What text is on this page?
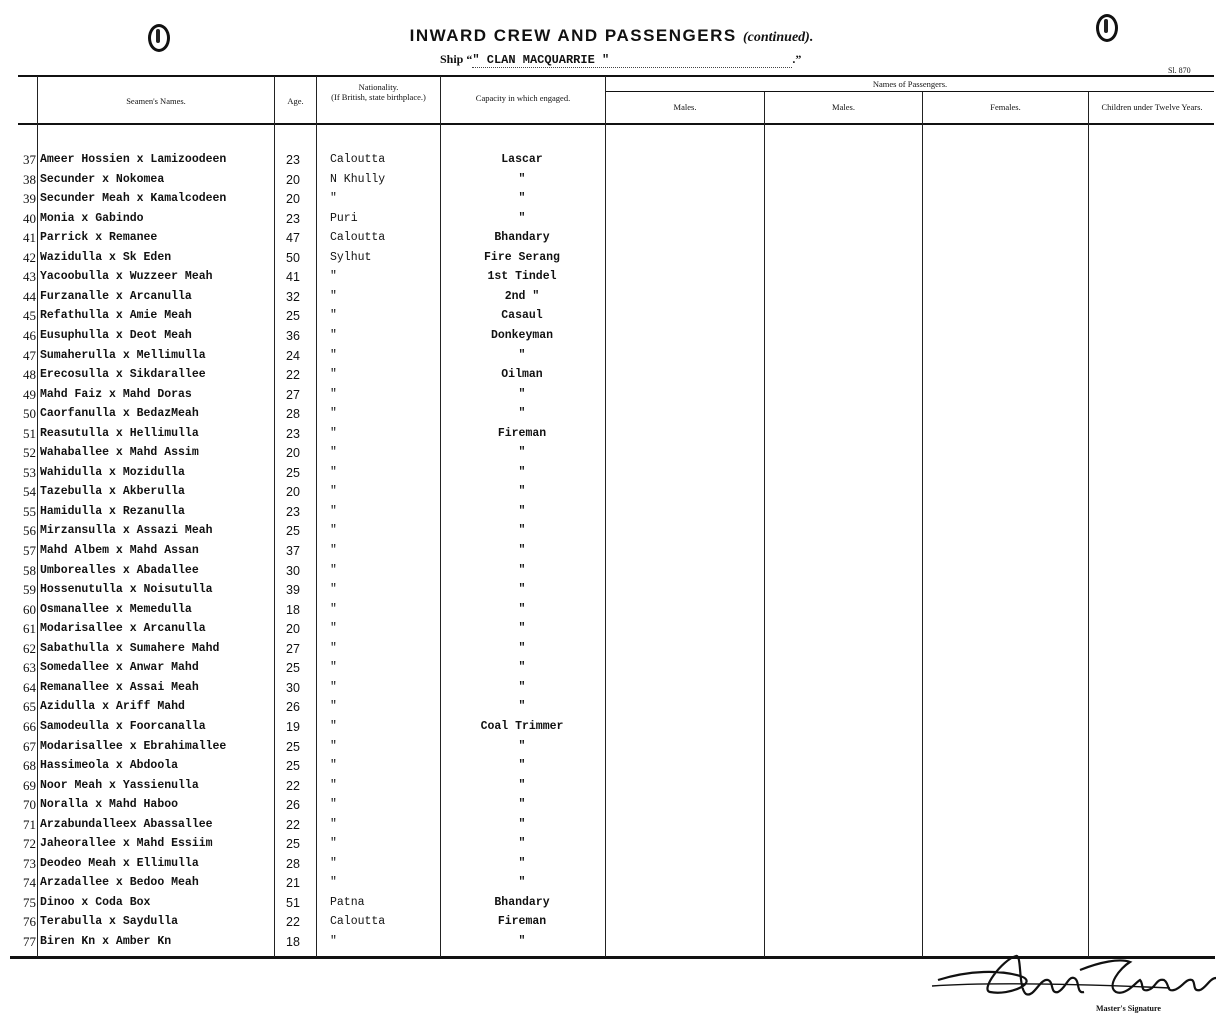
INWARD CREW AND PASSENGERS (continued).
Ship “" CLAN MACQUARRIE "	.”
Sl. 870
Seamen's Names.	Age.
Nationality.
(If British, state birthplace.)	Capacity in which engaged.
Names of Passengers.
Males.	Males.	Females.	Children under Twelve Years.
37 Ameer Hossien x Lamizoodeen	23	Caloutta	Lascar
38 Secunder x Nokomea	20	N Khully	"
39 Secunder Meah x Kamalcodeen	20	"	"
40 Monia x Gabindo	23	Puri	"
41 Parrick x Remanee	47	Caloutta	Bhandary
42 Wazidulla x Sk Eden	50	Sylhut	Fire Serang
43 Yacoobulla x Wuzzeer Meah	41	"	1st Tindel
44 Furzanalle x Arcanulla	32	"	2nd "
45 Refathulla x Amie Meah	25	"	Casaul
46 Eusuphulla x Deot Meah	36	"	Donkeyman
47 Sumaherulla x Mellimulla	24	"	"
48 Erecosulla x Sikdarallee	22	"	Oilman
49 Mahd Faiz x Mahd Doras	27	"	"
50 Caorfanulla x BedazMeah	28	"	"
51 Reasutulla x Hellimulla	23	"	Fireman
52 Wahaballee x Mahd Assim	20	"	"
53 Wahidulla x Mozidulla	25	"	"
54 Tazebulla x Akberulla	20	"	"
55 Hamidulla x Rezanulla	23	"	"
56 Mirzansulla x Assazi Meah	25	"	"
57 Mahd Albem x Mahd Assan	37	"	"
58 Umborealles x Abadallee	30	"	"
59 Hossenutulla x Noisutulla	39	"	"
60 Osmanallee x Memedulla	18	"	"
61 Modarisallee x Arcanulla	20	"	"
62 Sabathulla x Sumahere Mahd	27	"	"
63 Somedallee x Anwar Mahd	25	"	"
64 Remanallee x Assai Meah	30	"	"
65 Azidulla x Ariff Mahd	26	"	"
66 Samodeulla x Foorcanalla	19	"	Coal Trimmer
67 Modarisallee x Ebrahimallee	25	"	"
68 Hassimeola x Abdoola	25	"	"
69 Noor Meah x Yassienulla	22	"	"
70 Noralla x Mahd Haboo	26	"	"
71 Arzabundalleex Abassallee	22	"	"
72 Jaheorallee x Mahd Essiim	25	"	"
73 Deodeo Meah x Ellimulla	28	"	"
74 Arzadallee x Bedoo Meah	21	"	"
75 Dinoo x Coda Box	51	Patna	Bhandary
76 Terabulla x Saydulla	22	Caloutta	Fireman
77 Biren Kn x Amber Kn	18	"	"
Master's Signature
